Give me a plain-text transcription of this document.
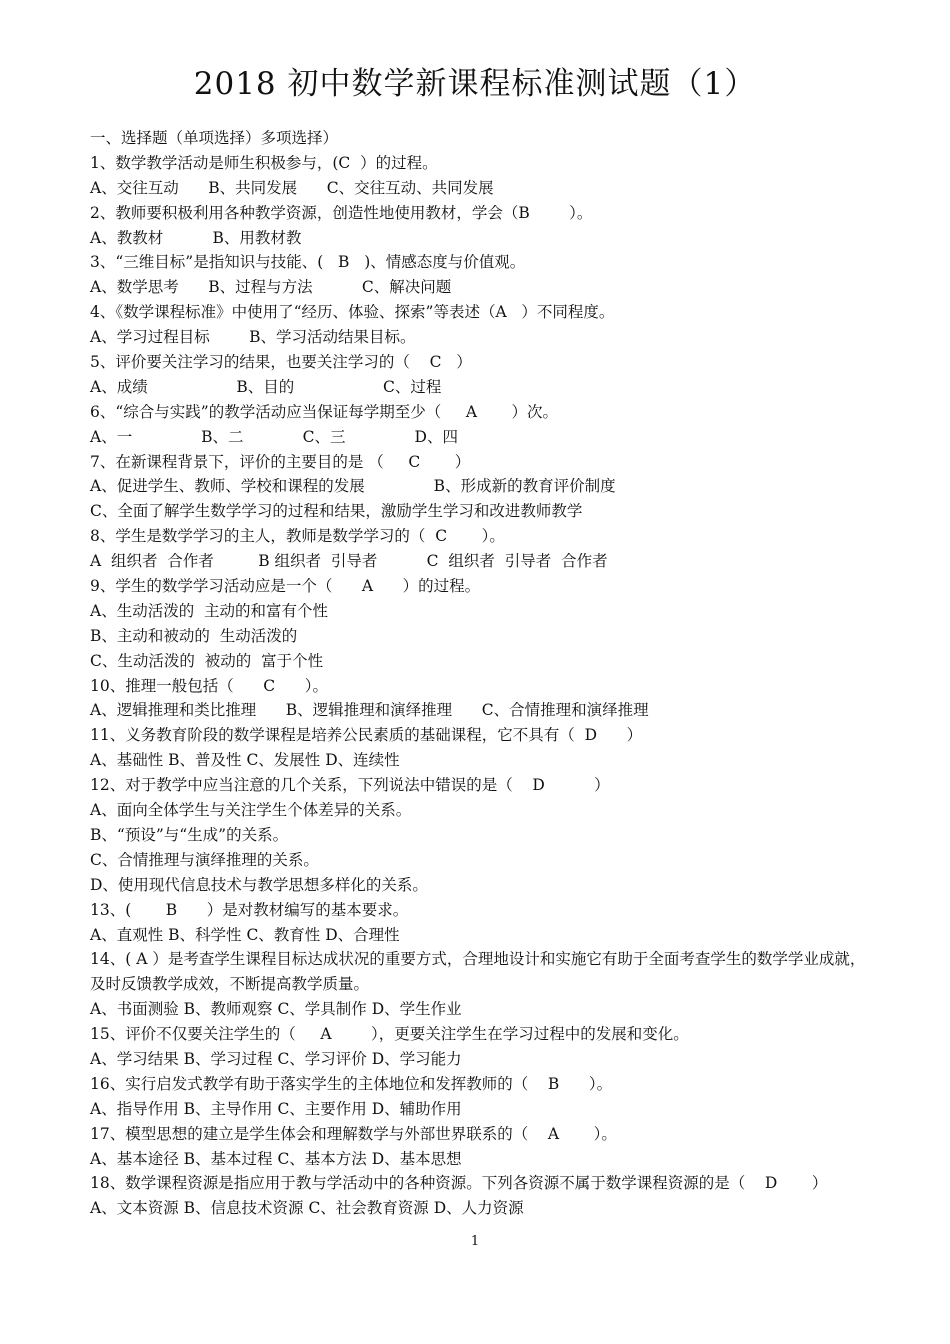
2018 初中数学新课程标准测试题（1）
一、选择题（单项选择）多项选择）
1、数学教学活动是师生积极参与，(C  ）的过程。
A、交往互动      B、共同发展      C、交往互动、共同发展
2、教师要积极利用各种教学资源，创造性地使用教材，学会（B        ）。
A、教教材          B、用教材教
3、“三维目标”是指知识与技能、(   B   )、情感态度与价值观。
A、数学思考      B、过程与方法          C、解决问题
4、《数学课程标准》中使用了“经历、体验、探索”等表述（A   ）不同程度。
A、学习过程目标        B、学习活动结果目标。
5、评价要关注学习的结果，也要关注学习的（    C   ）
A、成绩                  B、目的                  C、过程
6、“综合与实践”的教学活动应当保证每学期至少（     A       ）次。
A、一              B、二            C、三              D、四
7、在新课程背景下，评价的主要目的是 （     C       ）
A、促进学生、教师、学校和课程的发展              B、形成新的教育评价制度
C、全面了解学生数学学习的过程和结果，激励学生学习和改进教师教学
8、学生是数学学习的主人，教师是数学学习的（  C       ）。
A  组织者  合作者         B 组织者  引导者          C  组织者  引导者  合作者
9、学生的数学学习活动应是一个（      A      ）的过程。
A、生动活泼的  主动的和富有个性
B、主动和被动的  生动活泼的
C、生动活泼的  被动的  富于个性
10、推理一般包括（      C      ）。
A、逻辑推理和类比推理      B、逻辑推理和演绎推理      C、合情推理和演绎推理
11、义务教育阶段的数学课程是培养公民素质的基础课程，它不具有（  D      ）
A、基础性 B、普及性 C、发展性 D、连续性
12、对于教学中应当注意的几个关系，下列说法中错误的是（    D          ）
A、面向全体学生与关注学生个体差异的关系。
B、“预设”与“生成”的关系。
C、合情推理与演绎推理的关系。
D、使用现代信息技术与教学思想多样化的关系。
13、(       B      ）是对教材编写的基本要求。
A、直观性 B、科学性 C、教育性 D、合理性
14、( A ）是考查学生课程目标达成状况的重要方式，合理地设计和实施它有助于全面考查学生的数学学业成就，及时反馈教学成效，不断提高教学质量。
A、书面测验 B、教师观察 C、学具制作 D、学生作业
15、评价不仅要关注学生的（     A        ），更要关注学生在学习过程中的发展和变化。
A、学习结果 B、学习过程 C、学习评价 D、学习能力
16、实行启发式教学有助于落实学生的主体地位和发挥教师的（    B      ）。
A、指导作用 B、主导作用 C、主要作用 D、辅助作用
17、模型思想的建立是学生体会和理解数学与外部世界联系的（    A       ）。
A、基本途径 B、基本过程 C、基本方法 D、基本思想
18、数学课程资源是指应用于教与学活动中的各种资源。下列各资源不属于数学课程资源的是（    D       ）
A、文本资源 B、信息技术资源 C、社会教育资源 D、人力资源
1
